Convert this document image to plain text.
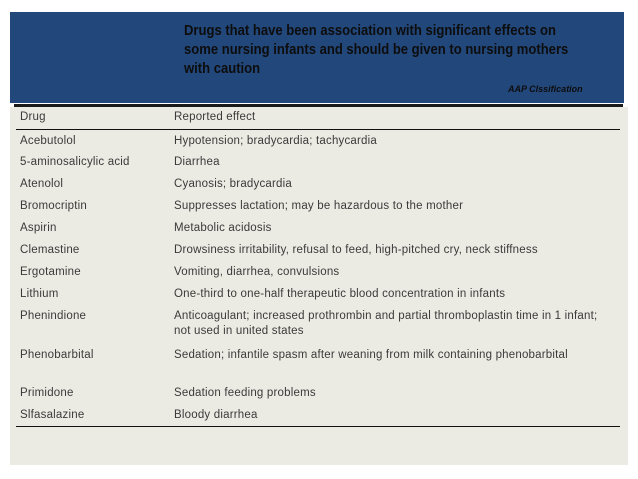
Drugs that have been association with significant effects on some nursing infants and should be given to nursing mothers with caution
AAP Clssification
Drug	Reported effect
Acebutolol	Hypotension; bradycardia; tachycardia
5-aminosalicylic acid	Diarrhea
Atenolol	Cyanosis; bradycardia
Bromocriptin	Suppresses lactation; may be hazardous to the mother
Aspirin	Metabolic acidosis
Clemastine	Drowsiness irritability, refusal to feed, high-pitched cry, neck stiffness
Ergotamine	Vomiting, diarrhea, convulsions
Lithium	One-third to one-half therapeutic blood concentration in infants
Phenindione	Anticoagulant; increased prothrombin and partial thromboplastin time in 1 infant; not used in united states
Phenobarbital	Sedation; infantile spasm after weaning from milk containing phenobarbital
Primidone	Sedation feeding problems
Slfasalazine	Bloody diarrhea
